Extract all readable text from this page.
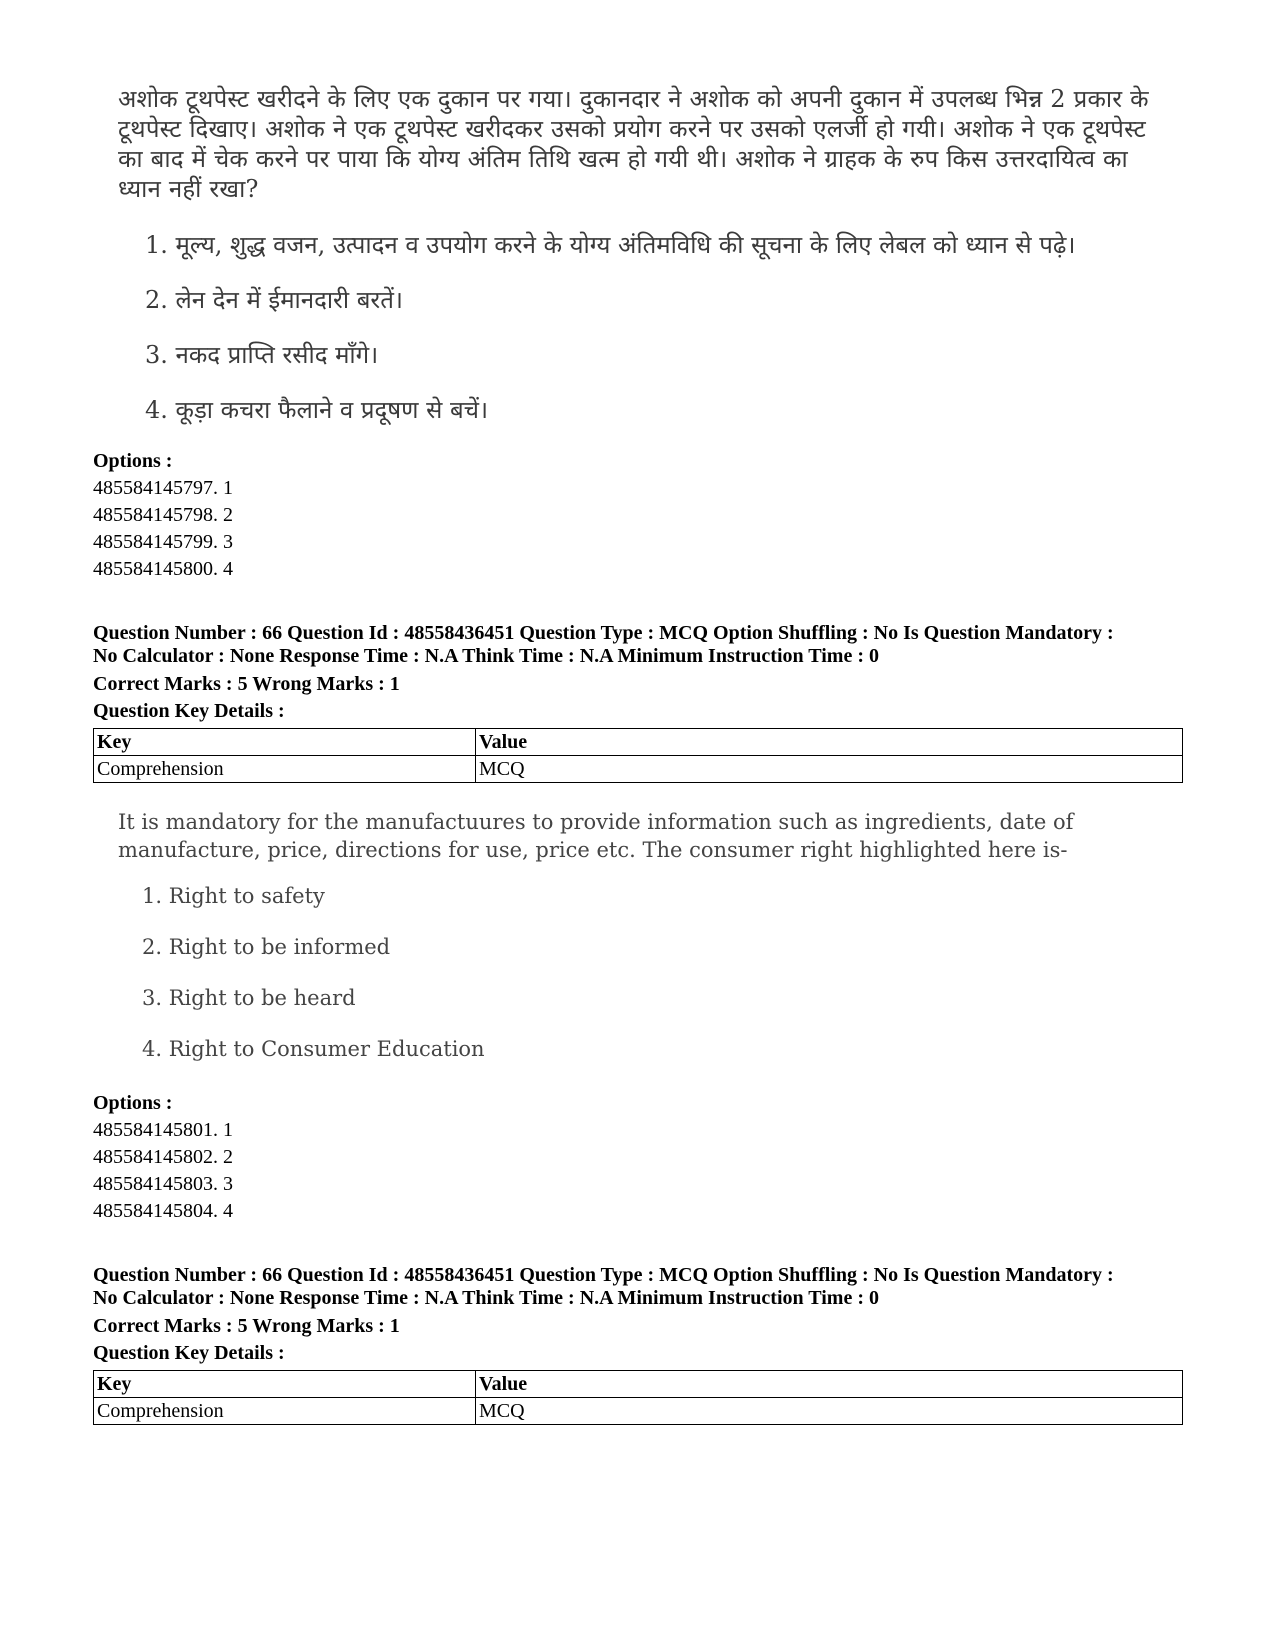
अशोक टूथपेस्ट खरीदने के लिए एक दुकान पर गया। दुकानदार ने अशोक को अपनी दुकान में उपलब्ध भिन्न 2 प्रकार के टूथपेस्ट दिखाए। अशोक ने एक टूथपेस्ट खरीदकर उसको प्रयोग करने पर उसको एलर्जी हो गयी। अशोक ने एक टूथपेस्ट का बाद में चेक करने पर पाया कि योग्य अंतिम तिथि खत्म हो गयी थी। अशोक ने ग्राहक के रुप किस उत्तरदायित्व का ध्यान नहीं रखा?

1. मूल्य, शुद्ध वजन, उत्पादन व उपयोग करने के योग्य अंतिमविधि की सूचना के लिए लेबल को ध्यान से पढ़े।

2. लेन देन में ईमानदारी बरतें।

3. नकद प्राप्ति रसीद माँगे।

4. कूड़ा कचरा फैलाने व प्रदूषण से बचें।

Options :
485584145797. 1
485584145798. 2
485584145799. 3
485584145800. 4
Question Number : 66 Question Id : 48558436451 Question Type : MCQ Option Shuffling : No Is Question Mandatory :
No Calculator : None Response Time : N.A Think Time : N.A Minimum Instruction Time : 0
Correct Marks : 5 Wrong Marks : 1
Question Key Details :
Key	Value
Comprehension	MCQ

It is mandatory for the manufactuures to provide information such as ingredients, date of manufacture, price, directions for use, price etc. The consumer right highlighted here is-

1. Right to safety

2. Right to be informed

3. Right to be heard

4. Right to Consumer Education

Options :
485584145801. 1
485584145802. 2
485584145803. 3
485584145804. 4
Question Number : 66 Question Id : 48558436451 Question Type : MCQ Option Shuffling : No Is Question Mandatory :
No Calculator : None Response Time : N.A Think Time : N.A Minimum Instruction Time : 0
Correct Marks : 5 Wrong Marks : 1
Question Key Details :
Key	Value
Comprehension	MCQ
